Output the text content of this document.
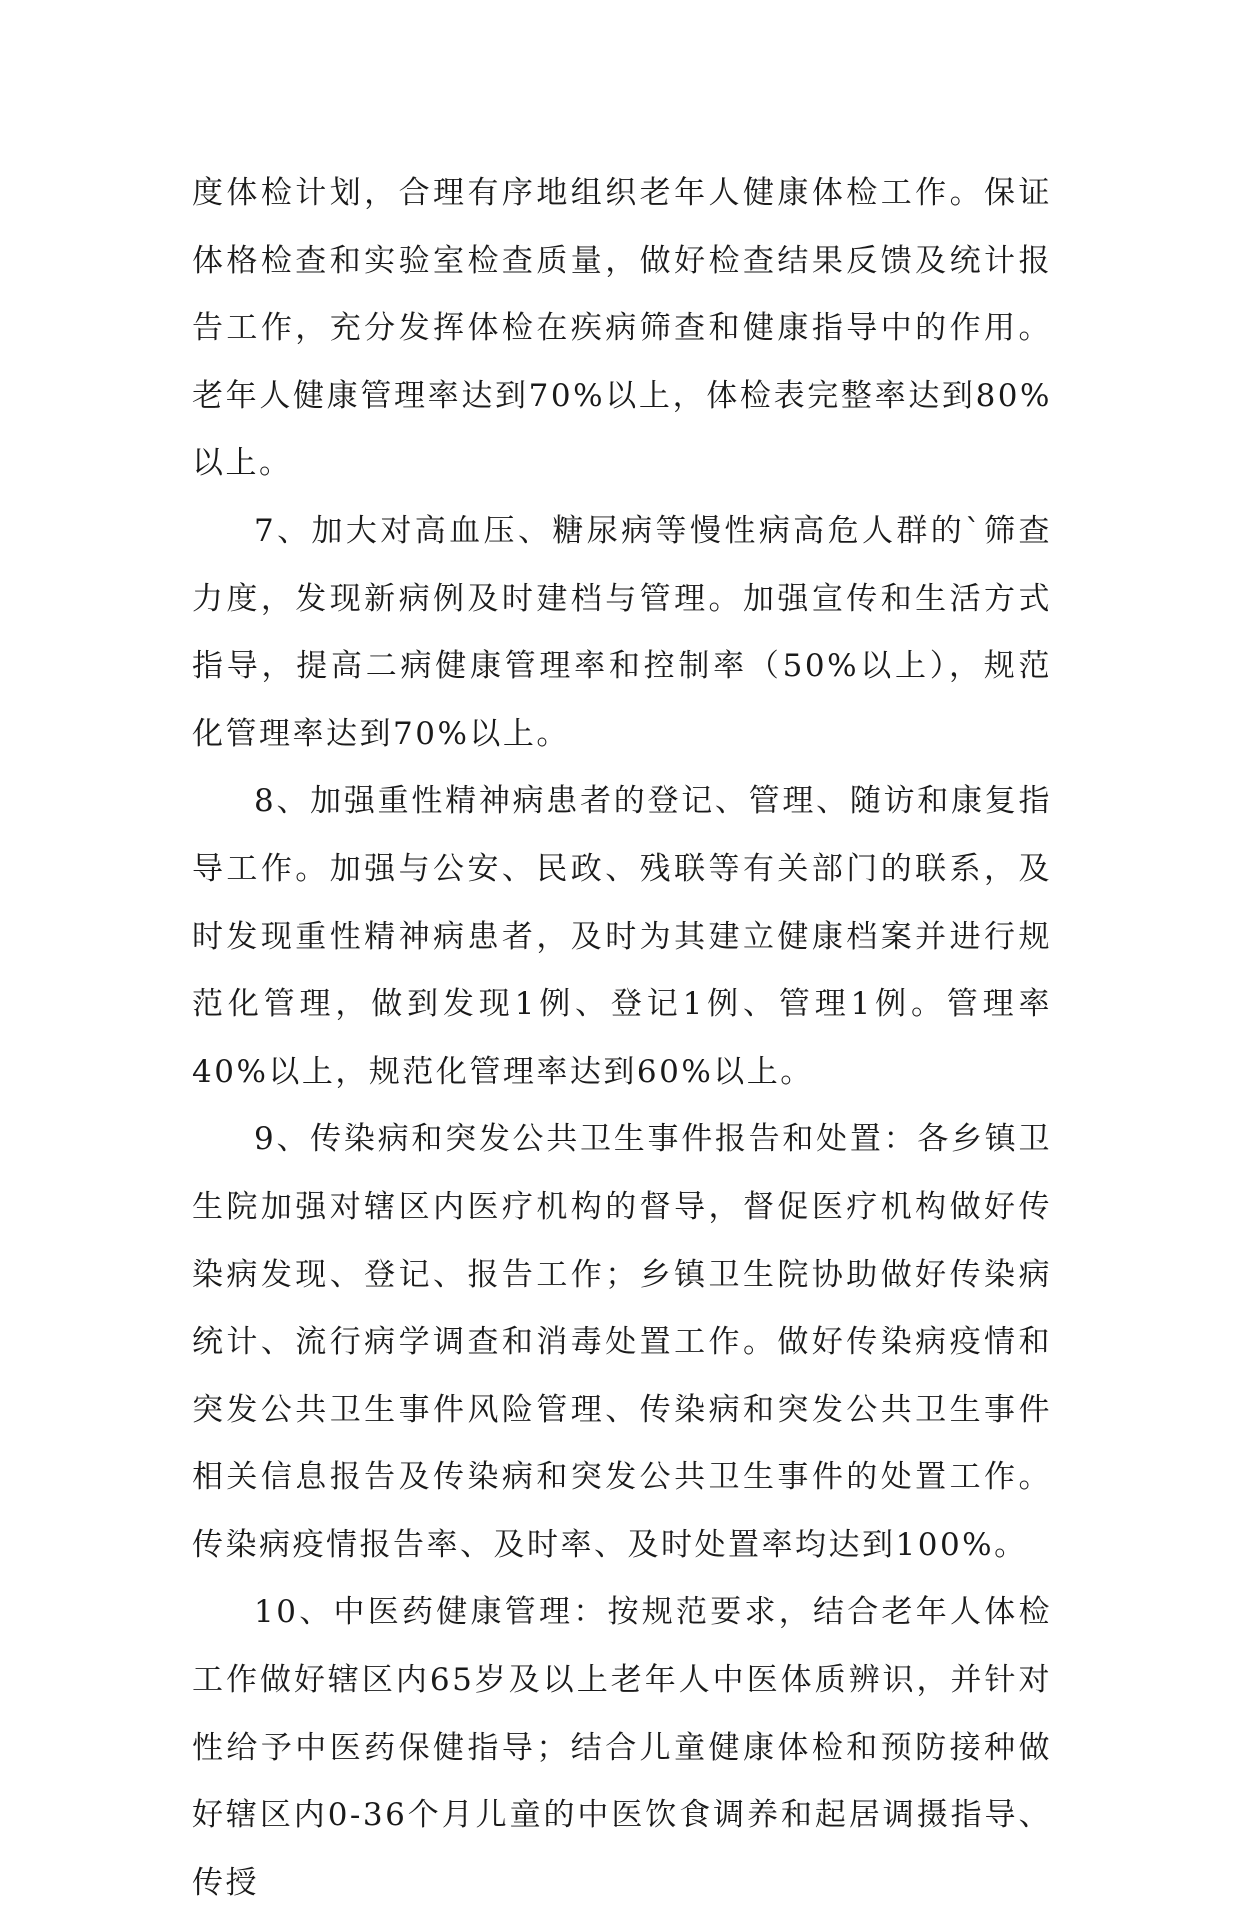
度体检计划，合理有序地组织老年人健康体检工作。保证体格检查和实验室检查质量，做好检查结果反馈及统计报告工作，充分发挥体检在疾病筛查和健康指导中的作用。老年人健康管理率达到70%以上，体检表完整率达到80%以上。

7、加大对高血压、糖尿病等慢性病高危人群的`筛查力度，发现新病例及时建档与管理。加强宣传和生活方式指导，提高二病健康管理率和控制率（50%以上），规范化管理率达到70%以上。

8、加强重性精神病患者的登记、管理、随访和康复指导工作。加强与公安、民政、残联等有关部门的联系，及时发现重性精神病患者，及时为其建立健康档案并进行规范化管理，做到发现1例、登记1例、管理1例。管理率40%以上，规范化管理率达到60%以上。

9、传染病和突发公共卫生事件报告和处置：各乡镇卫生院加强对辖区内医疗机构的督导，督促医疗机构做好传染病发现、登记、报告工作；乡镇卫生院协助做好传染病统计、流行病学调查和消毒处置工作。做好传染病疫情和突发公共卫生事件风险管理、传染病和突发公共卫生事件相关信息报告及传染病和突发公共卫生事件的处置工作。传染病疫情报告率、及时率、及时处置率均达到100%。

10、中医药健康管理：按规范要求，结合老年人体检工作做好辖区内65岁及以上老年人中医体质辨识，并针对性给予中医药保健指导；结合儿童健康体检和预防接种做好辖区内0-36个月儿童的中医饮食调养和起居调摄指导、传授
